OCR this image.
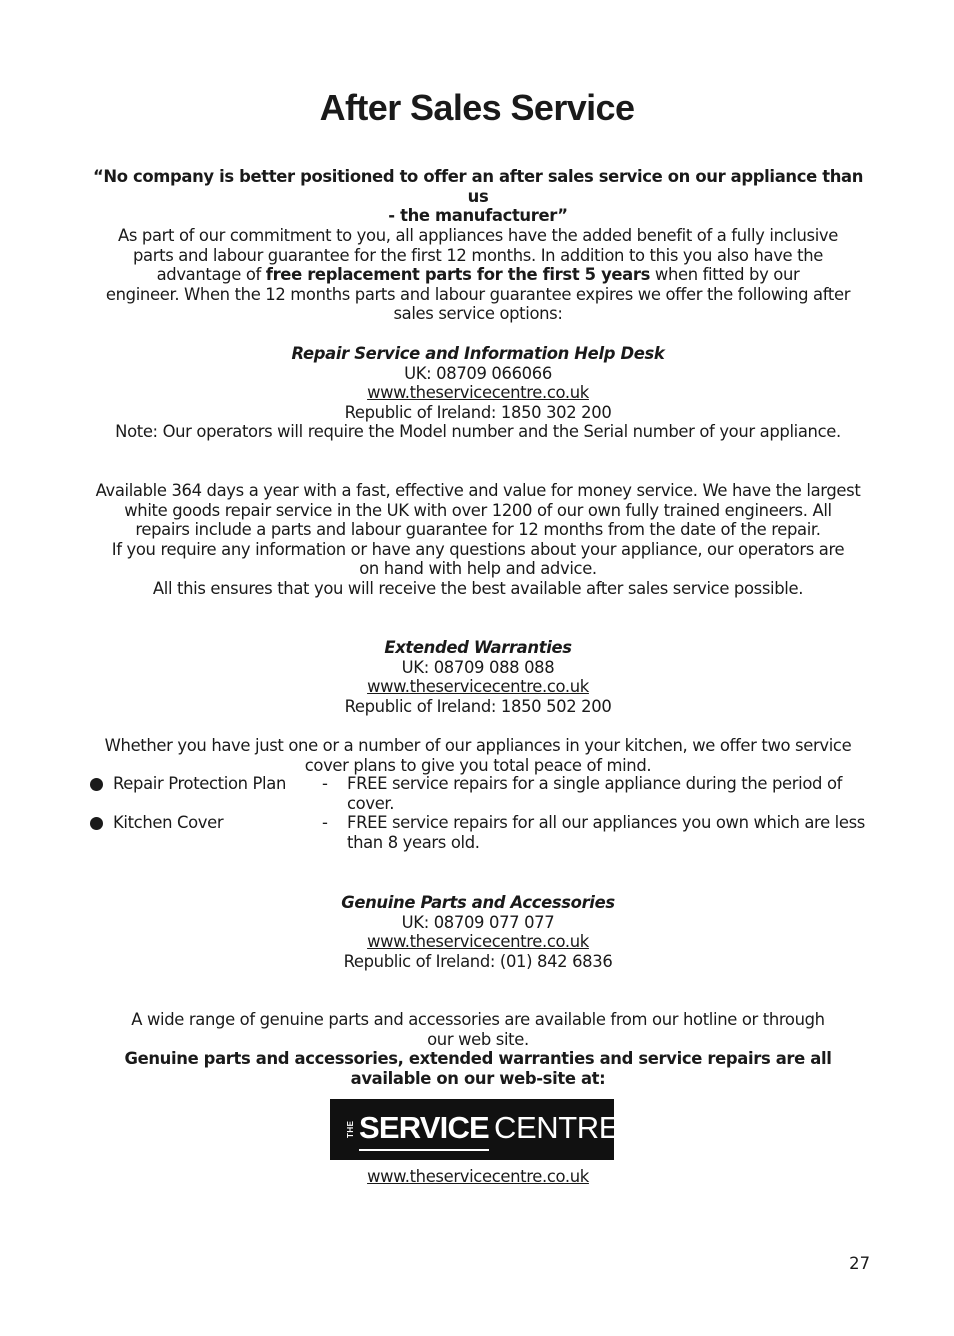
After Sales Service

“No company is better positioned to offer an after sales service on our appliance than us

- the manufacturer”

As part of our commitment to you, all appliances have the added benefit of a fully inclusive

parts and labour guarantee for the first 12 months. In addition to this you also have the

advantage of free replacement parts for the first 5 years when fitted by our

engineer. When the 12 months parts and labour guarantee expires we offer the following after

sales service options:

Repair Service and Information Help Desk

UK: 08709 066066

www.theservicecentre.co.uk

Republic of Ireland: 1850 302 200

Note: Our operators will require the Model number and the Serial number of your appliance.

Available 364 days a year with a fast, effective and value for money service. We have the largest

white goods repair service in the UK with over 1200 of our own fully trained engineers. All

repairs include a parts and labour guarantee for 12 months from the date of the repair.

If you require any information or have any questions about your appliance, our operators are

on hand with help and advice.

All this ensures that you will receive the best available after sales service possible.

Extended Warranties

UK: 08709 088 088

www.theservicecentre.co.uk

Republic of Ireland: 1850 502 200

Whether you have just one or a number of our appliances in your kitchen, we offer two service

cover plans to give you total peace of mind.

Repair Protection Plan - FREE service repairs for a single appliance during the period of cover.
Kitchen Cover	- FREE service repairs for all our appliances you own which are less than 8 years old.

Genuine Parts and Accessories

UK: 08709 077 077

www.theservicecentre.co.uk

Republic of Ireland: (01) 842 6836

A wide range of genuine parts and accessories are available from our hotline or through

our web site.

Genuine parts and accessories, extended warranties and service repairs are all

available on our web-site at:

www.theservicecentre.co.uk

THE SERVICE CENTRE
27
